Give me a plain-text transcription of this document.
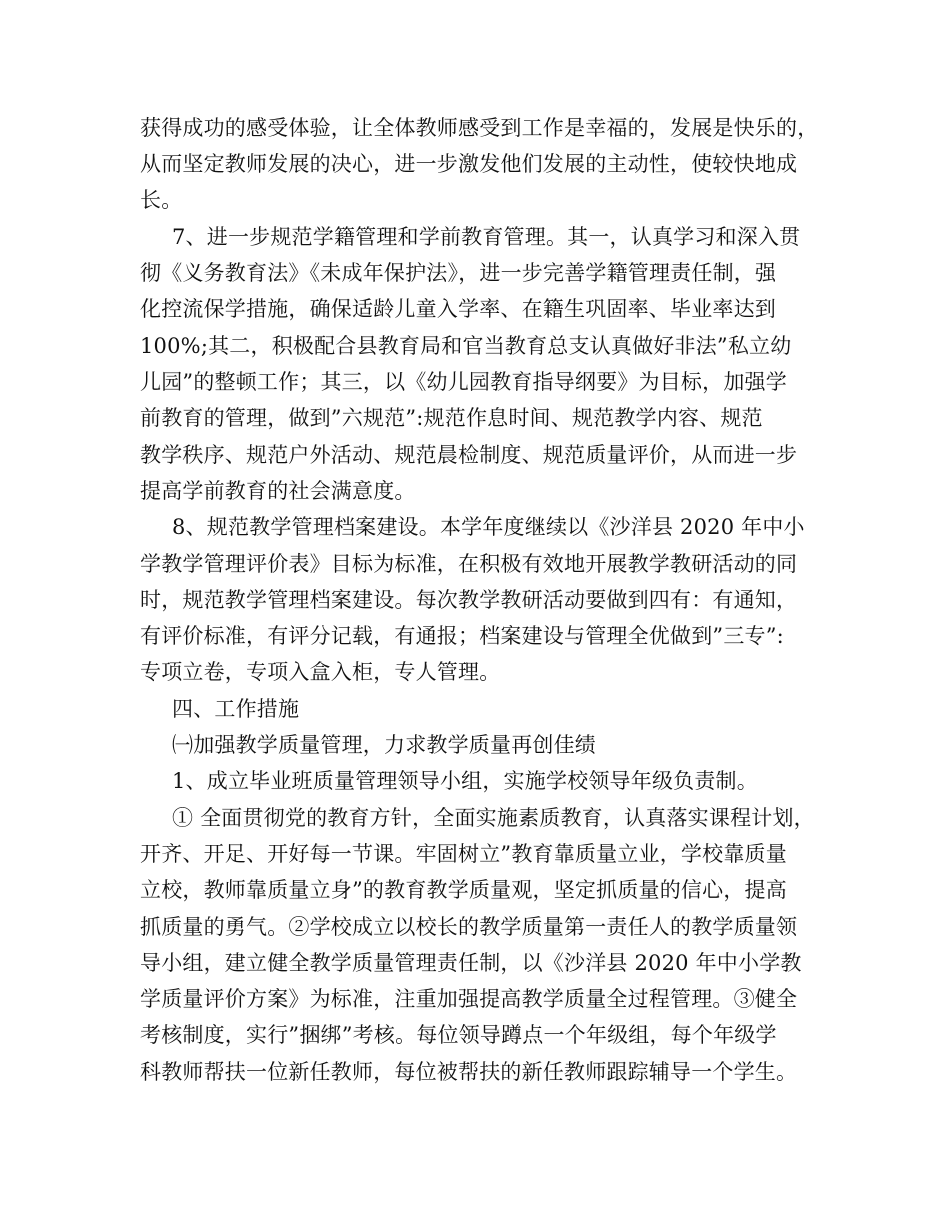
获得成功的感受体验，让全体教师感受到工作是幸福的，发展是快乐的，
从而坚定教师发展的决心，进一步激发他们发展的主动性，使较快地成
长。
7、进一步规范学籍管理和学前教育管理。其一，认真学习和深入贯
彻《义务教育法》《未成年保护法》，进一步完善学籍管理责任制，强
化控流保学措施，确保适龄儿童入学率、在籍生巩固率、毕业率达到
100%;其二，积极配合县教育局和官当教育总支认真做好非法”私立幼
儿园”的整顿工作；其三，以《幼儿园教育指导纲要》为目标，加强学
前教育的管理，做到”六规范”:规范作息时间、规范教学内容、规范
教学秩序、规范户外活动、规范晨检制度、规范质量评价，从而进一步
提高学前教育的社会满意度。
8、规范教学管理档案建设。本学年度继续以《沙洋县 2020 年中小
学教学管理评价表》目标为标准，在积极有效地开展教学教研活动的同
时，规范教学管理档案建设。每次教学教研活动要做到四有：有通知，
有评价标准，有评分记载，有通报；档案建设与管理全优做到”三专”:
专项立卷，专项入盒入柜，专人管理。
四、工作措施
㈠加强教学质量管理，力求教学质量再创佳绩
1、成立毕业班质量管理领导小组，实施学校领导年级负责制。
① 全面贯彻党的教育方针，全面实施素质教育，认真落实课程计划，
开齐、开足、开好每一节课。牢固树立”教育靠质量立业，学校靠质量
立校，教师靠质量立身”的教育教学质量观，坚定抓质量的信心，提高
抓质量的勇气。②学校成立以校长的教学质量第一责任人的教学质量领
导小组，建立健全教学质量管理责任制，以《沙洋县 2020 年中小学教
学质量评价方案》为标准，注重加强提高教学质量全过程管理。③健全
考核制度，实行”捆绑”考核。每位领导蹲点一个年级组，每个年级学
科教师帮扶一位新任教师，每位被帮扶的新任教师跟踪辅导一个学生。
